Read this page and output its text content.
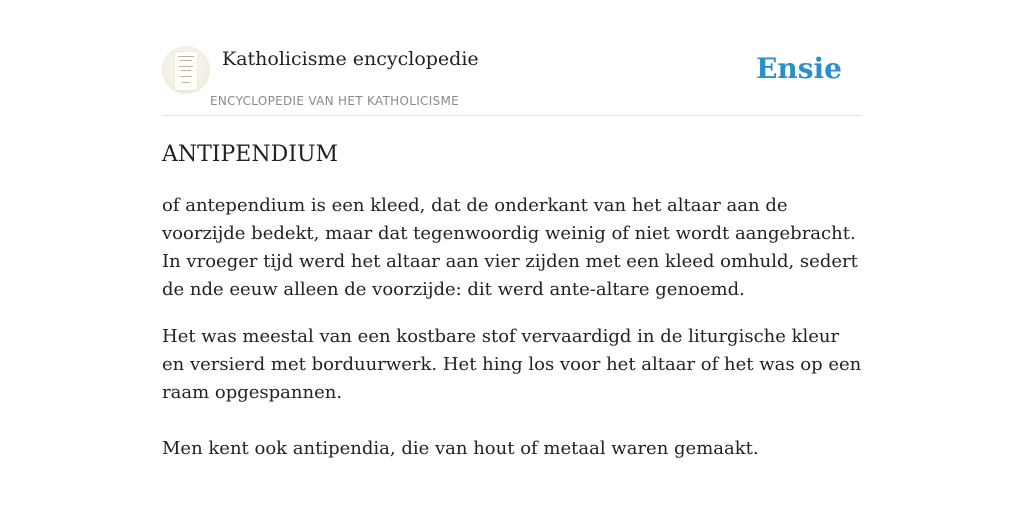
Katholicisme encyclopedie
ENCYCLOPEDIE VAN HET KATHOLICISME
Ensie
ANTIPENDIUM

of antependium is een kleed, dat de onderkant van het altaar aan de voorzijde bedekt, maar dat tegenwoordig weinig of niet wordt aangebracht. In vroeger tijd werd het altaar aan vier zijden met een kleed omhuld, sedert de nde eeuw alleen de voorzijde: dit werd ante-altare genoemd.

Het was meestal van een kostbare stof vervaardigd in de liturgische kleur en versierd met borduurwerk. Het hing los voor het altaar of het was op een raam opgespannen.

Men kent ook antipendia, die van hout of metaal waren gemaakt.
